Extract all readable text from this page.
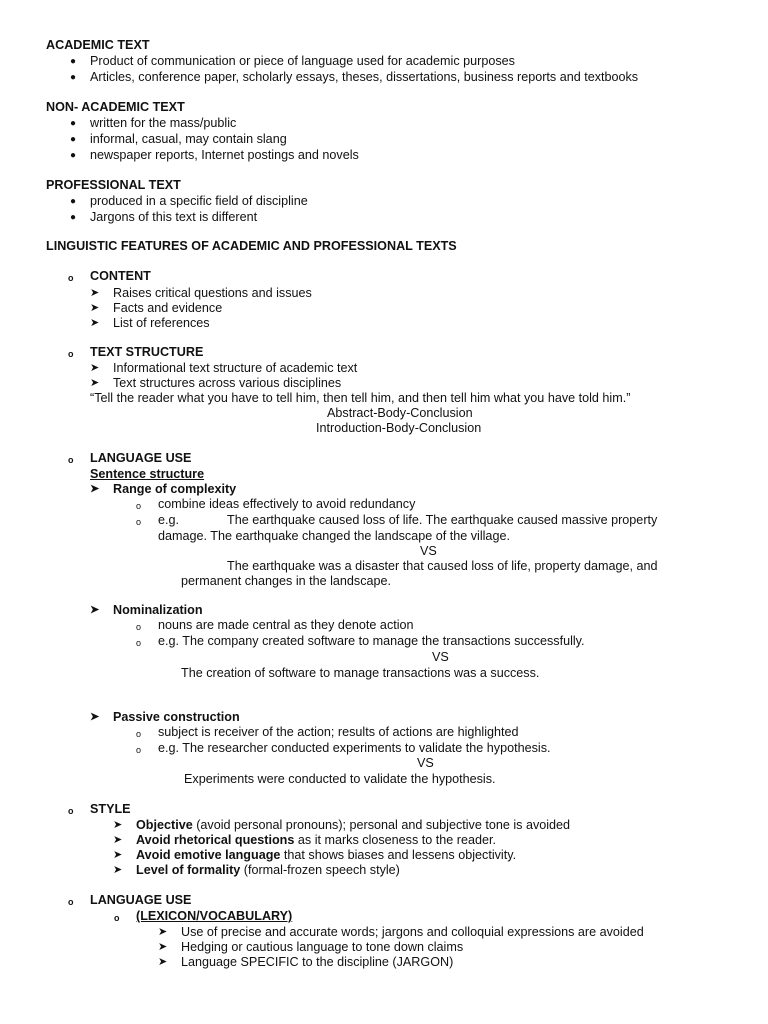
ACADEMIC TEXT
● Product of communication or piece of language used for academic purposes
● Articles, conference paper, scholarly essays, theses, dissertations, business reports and textbooks
NON- ACADEMIC TEXT
● written for the mass/public
● informal, casual, may contain slang
● newspaper reports, Internet postings and novels
PROFESSIONAL TEXT
● produced in a specific field of discipline
● Jargons of this text is different
LINGUISTIC FEATURES OF ACADEMIC AND PROFESSIONAL TEXTS
o CONTENT
➤ Raises critical questions and issues
➤ Facts and evidence
➤ List of references
o TEXT STRUCTURE
➤ Informational text structure of academic text
➤ Text structures across various disciplines
“Tell the reader what you have to tell him, then tell him, and then tell him what you have told him.”
Abstract-Body-Conclusion
Introduction-Body-Conclusion
o LANGUAGE USE
Sentence structure
➤ Range of complexity
o combine ideas effectively to avoid redundancy
o e.g.	The earthquake caused loss of life. The earthquake caused massive property
damage. The earthquake changed the landscape of the village.
VS
The earthquake was a disaster that caused loss of life, property damage, and
permanent changes in the landscape.
➤ Nominalization
o nouns are made central as they denote action
o e.g. The company created software to manage the transactions successfully.
VS
The creation of software to manage transactions was a success.
➤ Passive construction
o subject is receiver of the action; results of actions are highlighted
o e.g. The researcher conducted experiments to validate the hypothesis.
VS
Experiments were conducted to validate the hypothesis.
o STYLE
➤ Objective (avoid personal pronouns); personal and subjective tone is avoided
➤ Avoid rhetorical questions as it marks closeness to the reader.
➤ Avoid emotive language that shows biases and lessens objectivity.
➤ Level of formality (formal-frozen speech style)
o LANGUAGE USE
o (LEXICON/VOCABULARY)
➤ Use of precise and accurate words; jargons and colloquial expressions are avoided
➤ Hedging or cautious language to tone down claims
➤ Language SPECIFIC to the discipline (JARGON)
